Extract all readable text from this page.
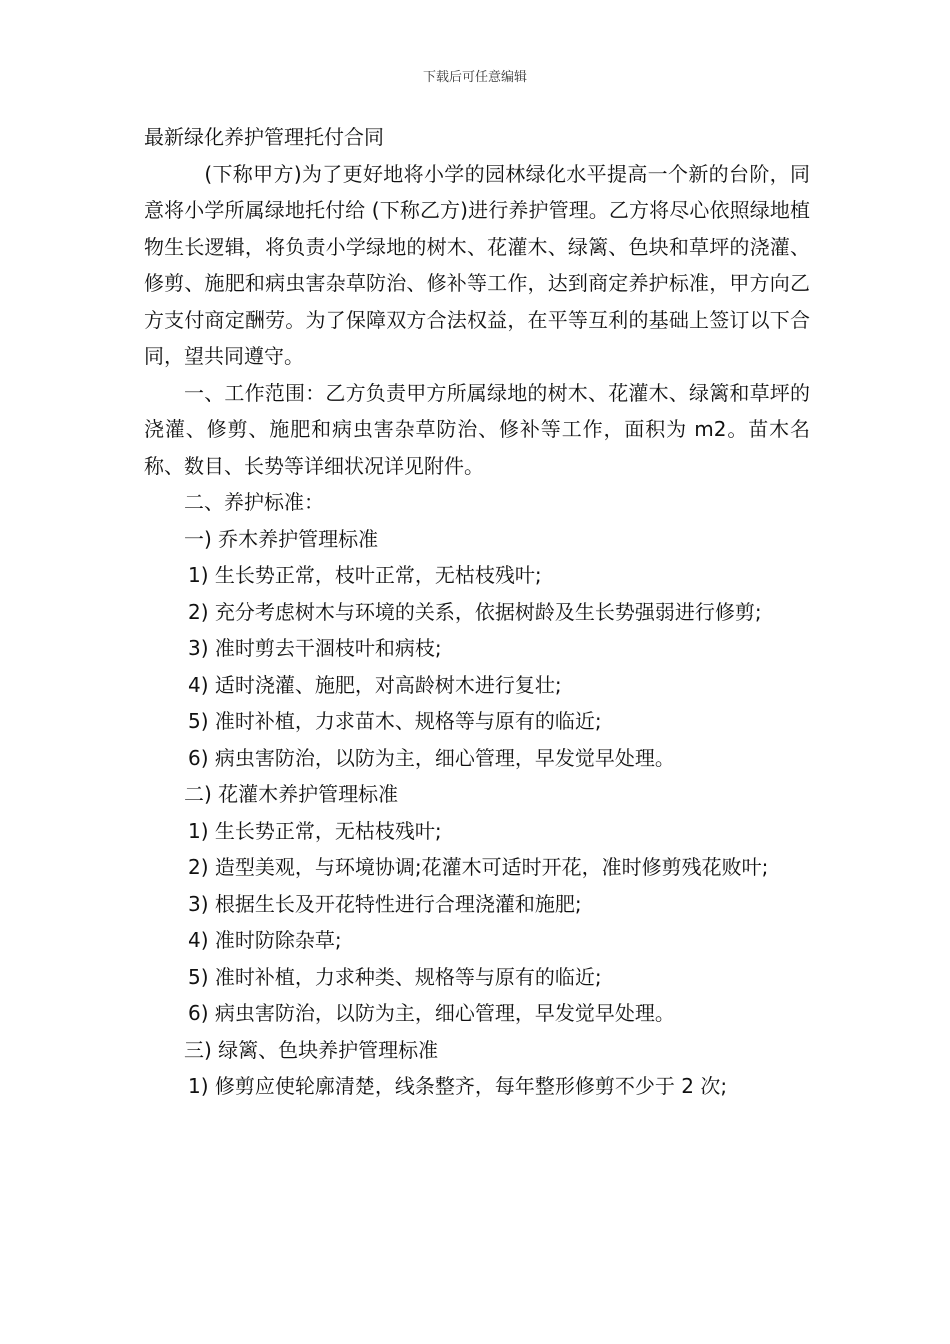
下载后可任意编辑
最新绿化养护管理托付合同

　(下称甲方)为了更好地将小学的园林绿化水平提高一个新的台阶，同意将小学所属绿地托付给 (下称乙方)进行养护管理。乙方将尽心依照绿地植物生长逻辑，将负责小学绿地的树木、花灌木、绿篱、色块和草坪的浇灌、修剪、施肥和病虫害杂草防治、修补等工作，达到商定养护标准，甲方向乙方支付商定酬劳。为了保障双方合法权益，在平等互利的基础上签订以下合同，望共同遵守。

一、工作范围：乙方负责甲方所属绿地的树木、花灌木、绿篱和草坪的浇灌、修剪、施肥和病虫害杂草防治、修补等工作，面积为 m2。苗木名称、数目、长势等详细状况详见附件。

二、养护标准：

一) 乔木养护管理标准

1) 生长势正常，枝叶正常，无枯枝残叶;

2) 充分考虑树木与环境的关系，依据树龄及生长势强弱进行修剪;

3) 准时剪去干涸枝叶和病枝;

4) 适时浇灌、施肥，对高龄树木进行复壮;

5) 准时补植，力求苗木、规格等与原有的临近;

6) 病虫害防治，以防为主，细心管理，早发觉早处理。

二) 花灌木养护管理标准

1) 生长势正常，无枯枝残叶;

2) 造型美观，与环境协调;花灌木可适时开花，准时修剪残花败叶;

3) 根据生长及开花特性进行合理浇灌和施肥;

4) 准时防除杂草;

5) 准时补植，力求种类、规格等与原有的临近;

6) 病虫害防治，以防为主，细心管理，早发觉早处理。

三) 绿篱、色块养护管理标准

1) 修剪应使轮廓清楚，线条整齐，每年整形修剪不少于 2 次;
